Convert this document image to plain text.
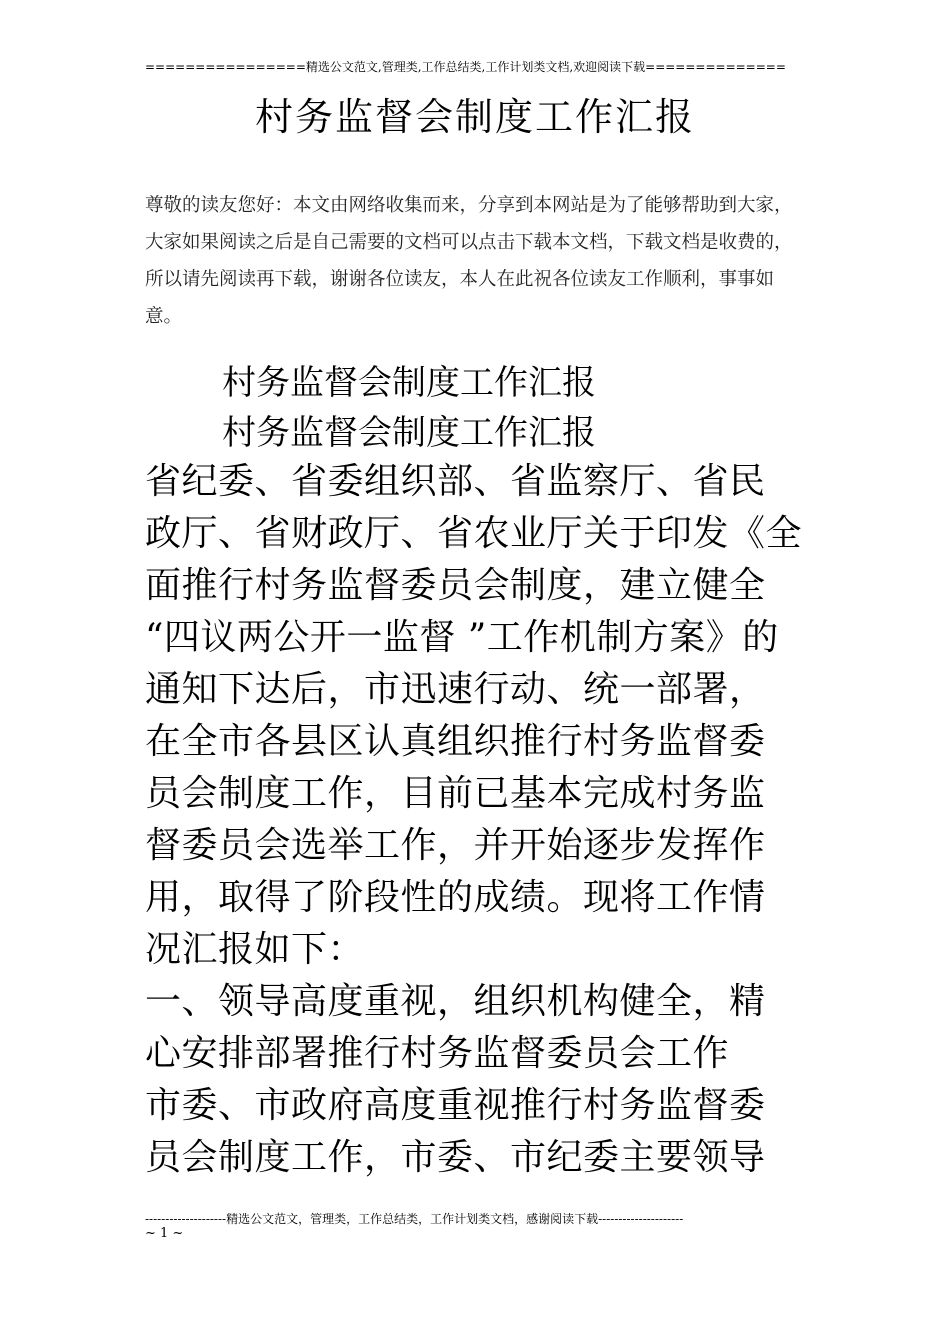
================精选公文范文,管理类,工作总结类,工作计划类文档,欢迎阅读下载==============
村务监督会制度工作汇报
尊敬的读友您好：本文由网络收集而来，分享到本网站是为了能够帮助到大家，大家如果阅读之后是自己需要的文档可以点击下载本文档，下载文档是收费的，所以请先阅读再下载，谢谢各位读友，本人在此祝各位读友工作顺利，事事如意。
村务监督会制度工作汇报
村务监督会制度工作汇报
省纪委、省委组织部、省监察厅、省民
政厅、省财政厅、省农业厅关于印发《全
面推行村务监督委员会制度，建立健全
“四议两公开一监督 ”工作机制方案》的
通知下达后，市迅速行动、统一部署，
在全市各县区认真组织推行村务监督委
员会制度工作，目前已基本完成村务监
督委员会选举工作，并开始逐步发挥作
用，取得了阶段性的成绩。现将工作情
况汇报如下：
一、领导高度重视，组织机构健全，精
心安排部署推行村务监督委员会工作
市委、市政府高度重视推行村务监督委
员会制度工作，市委、市纪委主要领导
--------------------精选公文范文，管理类，工作总结类，工作计划类文档，感谢阅读下载---------------------
~ 1 ~
